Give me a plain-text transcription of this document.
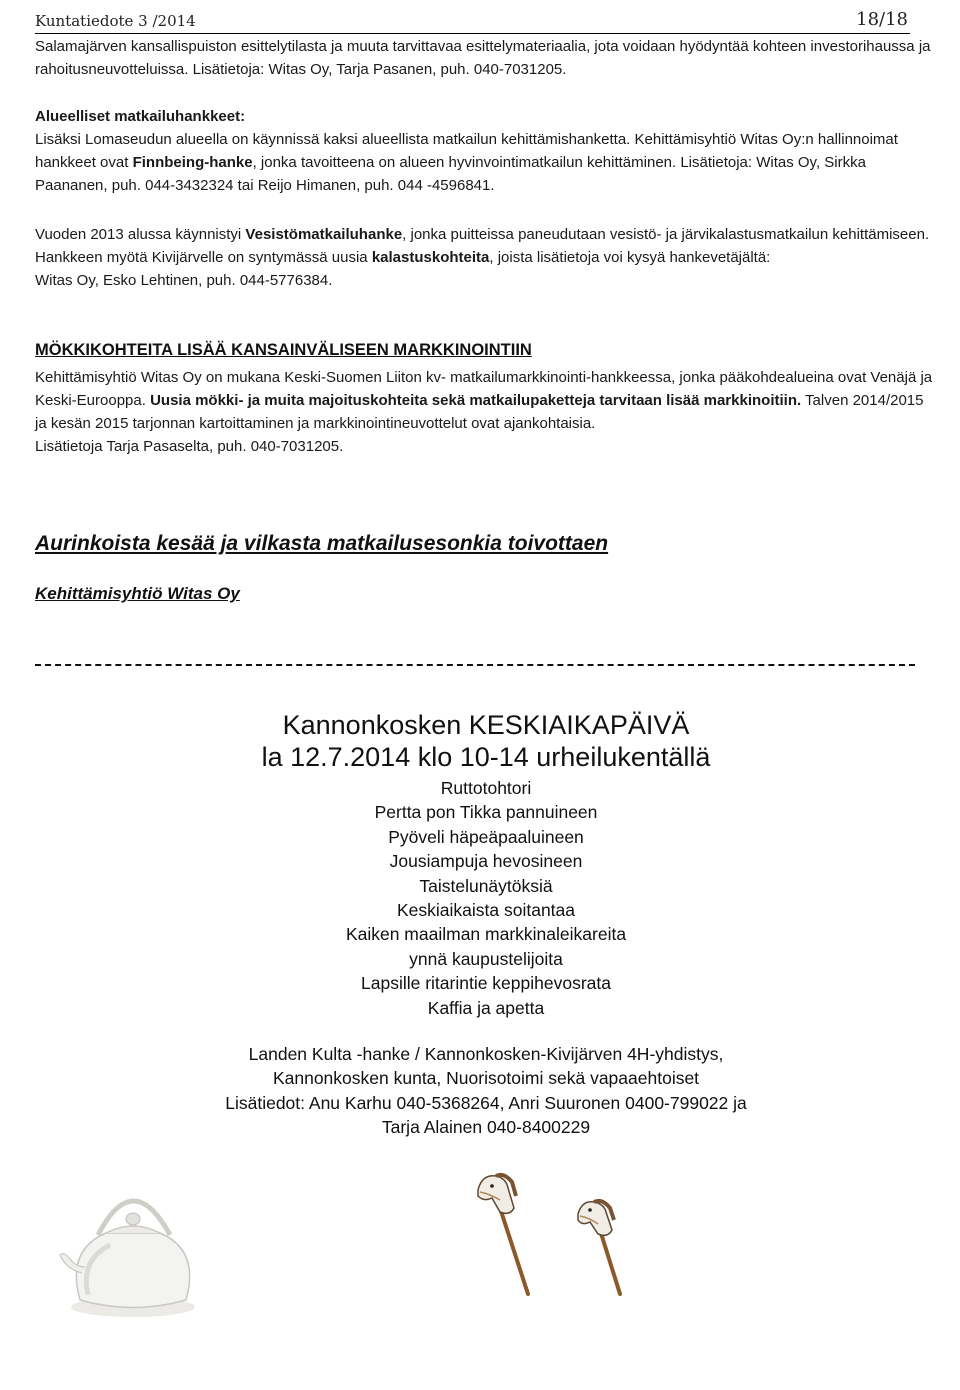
Kuntatiedote 3 /2014	18/18

Salamajärven kansallispuiston esittelytilasta ja muuta tarvittavaa esittelymateriaalia, jota voidaan hyödyntää kohteen investorihaussa ja rahoitusneuvotteluissa. Lisätietoja: Witas Oy, Tarja Pasanen, puh. 040-7031205.

Alueelliset matkailuhankkeet:

Lisäksi Lomaseudun alueella on käynnissä kaksi alueellista matkailun kehittämishanketta. Kehittämisyhtiö Witas Oy:n hallinnoimat hankkeet ovat Finnbeing-hanke, jonka tavoitteena on alueen hyvinvointimatkailun kehittäminen. Lisätietoja: Witas Oy, Sirkka Paananen, puh. 044-3432324 tai Reijo Himanen, puh. 044 -4596841.

Vuoden 2013 alussa käynnistyi Vesistömatkailuhanke, jonka puitteissa paneudutaan vesistö- ja järvikalastusmatkailun kehittämiseen. Hankkeen myötä Kivijärvelle on syntymässä uusia kalastuskohteita, joista lisätietoja voi kysyä hankevetäjältä:

Witas Oy, Esko Lehtinen, puh. 044-5776384.

MÖKKIKOHTEITA LISÄÄ KANSAINVÄLISEEN MARKKINOINTIIN

Kehittämisyhtiö Witas Oy on mukana Keski-Suomen Liiton kv- matkailumarkkinointi-hankkeessa, jonka pääkohdealueina ovat Venäjä ja Keski-Eurooppa. Uusia mökki- ja muita majoituskohteita sekä matkailupaketteja tarvitaan lisää markkinoitiin. Talven 2014/2015 ja kesän 2015 tarjonnan kartoittaminen ja markkinointineuvottelut ovat ajankohtaisia.

Lisätietoja Tarja Pasaselta, puh. 040-7031205.

Aurinkoista kesää ja vilkasta matkailusesonkia toivottaen
Kehittämisyhtiö Witas Oy
Kannonkosken KESKIAIKAPÄIVÄ
la 12.7.2014 klo 10-14 urheilukentällä
Ruttotohtori
Pertta pon Tikka pannuineen
Pyöveli häpeäpaaluineen
Jousiampuja hevosineen
Taistelunäytöksiä
Keskiaikaista soitantaa
Kaiken maailman markkinaleikareita
ynnä kaupustelijoita
Lapsille ritarintie keppihevosrata
Kaffia ja apetta
Landen Kulta -hanke / Kannonkosken-Kivijärven 4H-yhdistys,
Kannonkosken kunta, Nuorisotoimi sekä vapaaehtoiset
Lisätiedot: Anu Karhu 040-5368264, Anri Suuronen 0400-799022 ja
Tarja Alainen 040-8400229
